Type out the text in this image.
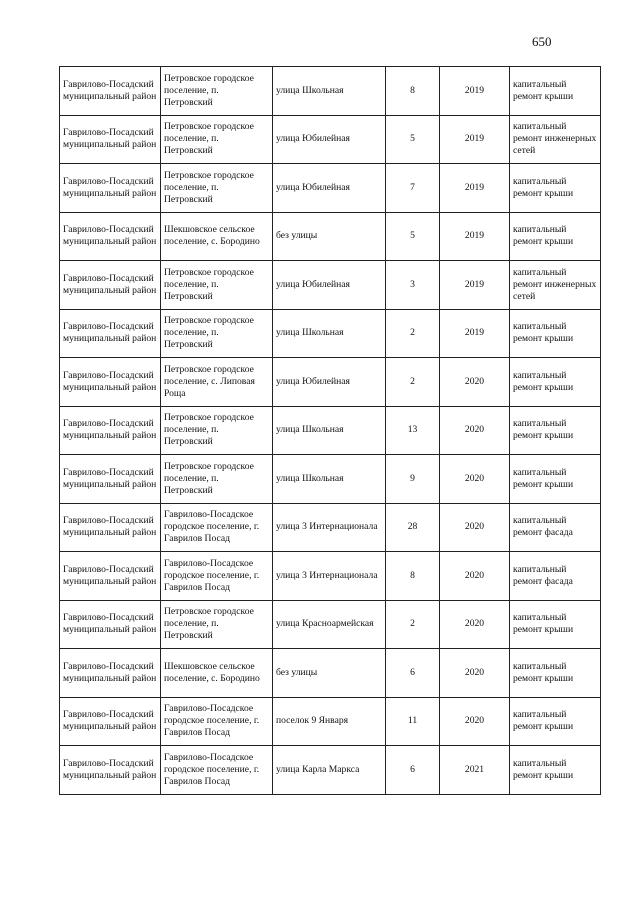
650
Гаврилово-Посадский муниципальный район	Петровское городское поселение, п. Петровский	улица Школьная	8	2019	капитальный ремонт крыши
Гаврилово-Посадский муниципальный район	Петровское городское поселение, п. Петровский	улица Юбилейная	5	2019	капитальный ремонт инженерных сетей
Гаврилово-Посадский муниципальный район	Петровское городское поселение, п. Петровский	улица Юбилейная	7	2019	капитальный ремонт крыши
Гаврилово-Посадский муниципальный район	Шекшовское сельское поселение, с. Бородино	без улицы	5	2019	капитальный ремонт крыши
Гаврилово-Посадский муниципальный район	Петровское городское поселение, п. Петровский	улица Юбилейная	3	2019	капитальный ремонт инженерных сетей
Гаврилово-Посадский муниципальный район	Петровское городское поселение, п. Петровский	улица Школьная	2	2019	капитальный ремонт крыши
Гаврилово-Посадский муниципальный район	Петровское городское поселение, с. Липовая Роща	улица Юбилейная	2	2020	капитальный ремонт крыши
Гаврилово-Посадский муниципальный район	Петровское городское поселение, п. Петровский	улица Школьная	13	2020	капитальный ремонт крыши
Гаврилово-Посадский муниципальный район	Петровское городское поселение, п. Петровский	улица Школьная	9	2020	капитальный ремонт крыши
Гаврилово-Посадский муниципальный район	Гаврилово-Посадское городское поселение, г. Гаврилов Посад	улица 3 Интернационала	28	2020	капитальный ремонт фасада
Гаврилово-Посадский муниципальный район	Гаврилово-Посадское городское поселение, г. Гаврилов Посад	улица 3 Интернационала	8	2020	капитальный ремонт фасада
Гаврилово-Посадский муниципальный район	Петровское городское поселение, п. Петровский	улица Красноармейская	2	2020	капитальный ремонт крыши
Гаврилово-Посадский муниципальный район	Шекшовское сельское поселение, с. Бородино	без улицы	6	2020	капитальный ремонт крыши
Гаврилово-Посадский муниципальный район	Гаврилово-Посадское городское поселение, г. Гаврилов Посад	поселок 9 Января	11	2020	капитальный ремонт крыши
Гаврилово-Посадский муниципальный район	Гаврилово-Посадское городское поселение, г. Гаврилов Посад	улица Карла Маркса	6	2021	капитальный ремонт крыши
